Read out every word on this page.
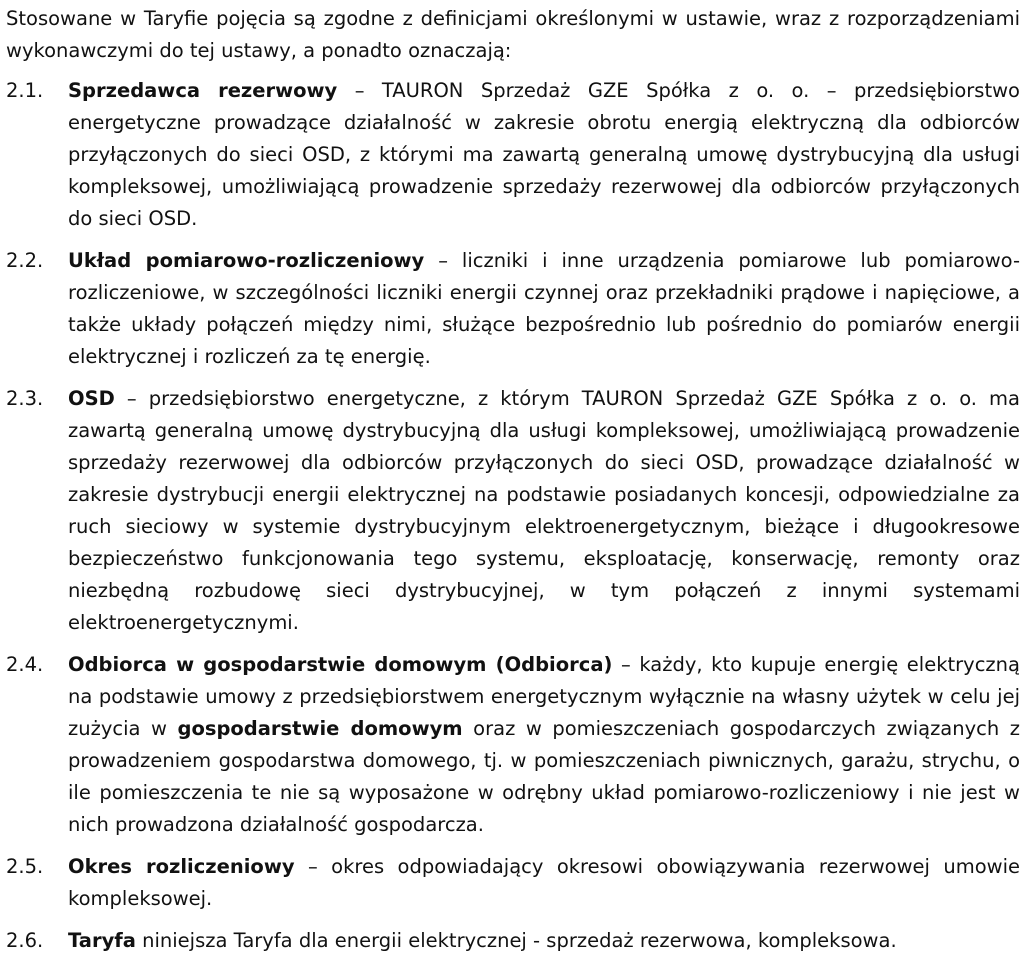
Stosowane w Taryfie pojęcia są zgodne z definicjami określonymi w ustawie, wraz z rozporządzeniami wykonawczymi do tej ustawy, a ponadto oznaczają:

2.1.	Sprzedawca rezerwowy – TAURON Sprzedaż GZE Spółka z o. o. – przedsiębiorstwo energetyczne prowadzące działalność w zakresie obrotu energią elektryczną dla odbiorców przyłączonych do sieci OSD, z którymi ma zawartą generalną umowę dystrybucyjną dla usługi kompleksowej, umożliwiającą prowadzenie sprzedaży rezerwowej dla odbiorców przyłączonych do sieci OSD.
2.2.	Układ pomiarowo-rozliczeniowy – liczniki i inne urządzenia pomiarowe lub pomiarowo-rozliczeniowe, w szczególności liczniki energii czynnej oraz przekładniki prądowe i napięciowe, a także układy połączeń między nimi, służące bezpośrednio lub pośrednio do pomiarów energii elektrycznej i rozliczeń za tę energię.
2.3.	OSD – przedsiębiorstwo energetyczne, z którym TAURON Sprzedaż GZE Spółka z o. o. ma zawartą generalną umowę dystrybucyjną dla usługi kompleksowej, umożliwiającą prowadzenie sprzedaży rezerwowej dla odbiorców przyłączonych do sieci OSD, prowadzące działalność w zakresie dystrybucji energii elektrycznej na podstawie posiadanych koncesji, odpowiedzialne za ruch sieciowy w systemie dystrybucyjnym elektroenergetycznym, bieżące i długookresowe bezpieczeństwo funkcjonowania tego systemu, eksploatację, konserwację, remonty oraz niezbędną rozbudowę sieci dystrybucyjnej, w tym połączeń z innymi systemami elektroenergetycznymi.
2.4.	Odbiorca w gospodarstwie domowym (Odbiorca) – każdy, kto kupuje energię elektryczną na podstawie umowy z przedsiębiorstwem energetycznym wyłącznie na własny użytek w celu jej zużycia w gospodarstwie domowym oraz w pomieszczeniach gospodarczych związanych z prowadzeniem gospodarstwa domowego, tj. w pomieszczeniach piwnicznych, garażu, strychu, o ile pomieszczenia te nie są wyposażone w odrębny układ pomiarowo-rozliczeniowy i nie jest w nich prowadzona działalność gospodarcza.
2.5.	Okres rozliczeniowy – okres odpowiadający okresowi obowiązywania rezerwowej umowie kompleksowej.
2.6.	Taryfa niniejsza Taryfa dla energii elektrycznej - sprzedaż rezerwowa, kompleksowa.
